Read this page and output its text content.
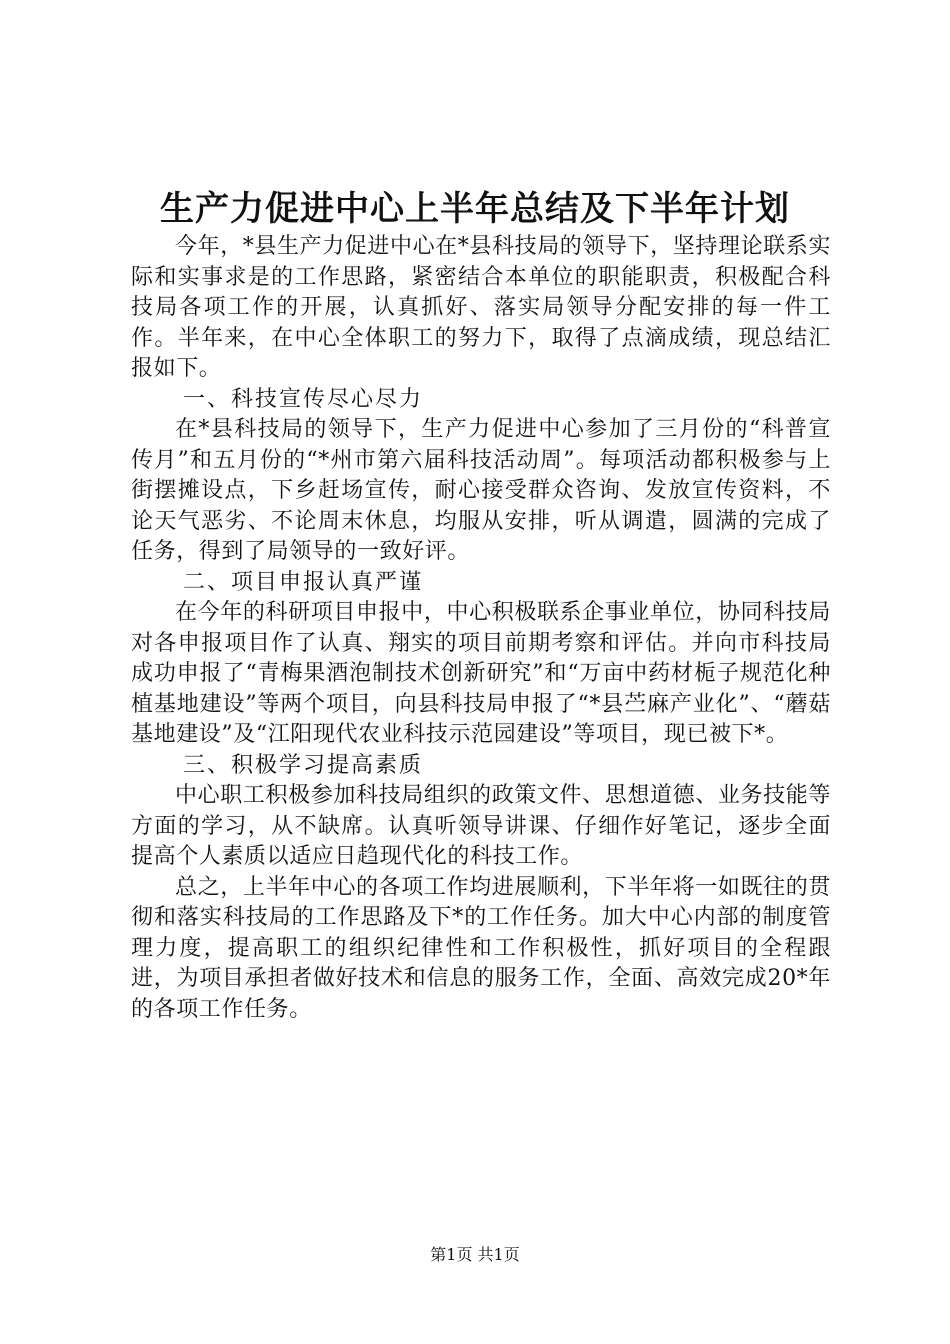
生产力促进中心上半年总结及下半年计划

今年，*县生产力促进中心在*县科技局的领导下，坚持理论联系实际和实事求是的工作思路，紧密结合本单位的职能职责，积极配合科技局各项工作的开展，认真抓好、落实局领导分配安排的每一件工作。半年来，在中心全体职工的努力下，取得了点滴成绩，现总结汇报如下。

一、科技宣传尽心尽力

在*县科技局的领导下，生产力促进中心参加了三月份的“科普宣传月”和五月份的“*州市第六届科技活动周”。每项活动都积极参与上街摆摊设点，下乡赶场宣传，耐心接受群众咨询、发放宣传资料，不论天气恶劣、不论周末休息，均服从安排，听从调遣，圆满的完成了任务，得到了局领导的一致好评。

二、项目申报认真严谨

在今年的科研项目申报中，中心积极联系企事业单位，协同科技局对各申报项目作了认真、翔实的项目前期考察和评估。并向市科技局成功申报了“青梅果酒泡制技术创新研究”和“万亩中药材栀子规范化种植基地建设”等两个项目，向县科技局申报了“*县苎麻产业化”、“蘑菇基地建设”及“江阳现代农业科技示范园建设”等项目，现已被下*。

三、积极学习提高素质

中心职工积极参加科技局组织的政策文件、思想道德、业务技能等方面的学习，从不缺席。认真听领导讲课、仔细作好笔记，逐步全面提高个人素质以适应日趋现代化的科技工作。

总之，上半年中心的各项工作均进展顺利，下半年将一如既往的贯彻和落实科技局的工作思路及下*的工作任务。加大中心内部的制度管理力度，提高职工的组织纪律性和工作积极性，抓好项目的全程跟进，为项目承担者做好技术和信息的服务工作，全面、高效完成20*年的各项工作任务。

第1页 共1页
